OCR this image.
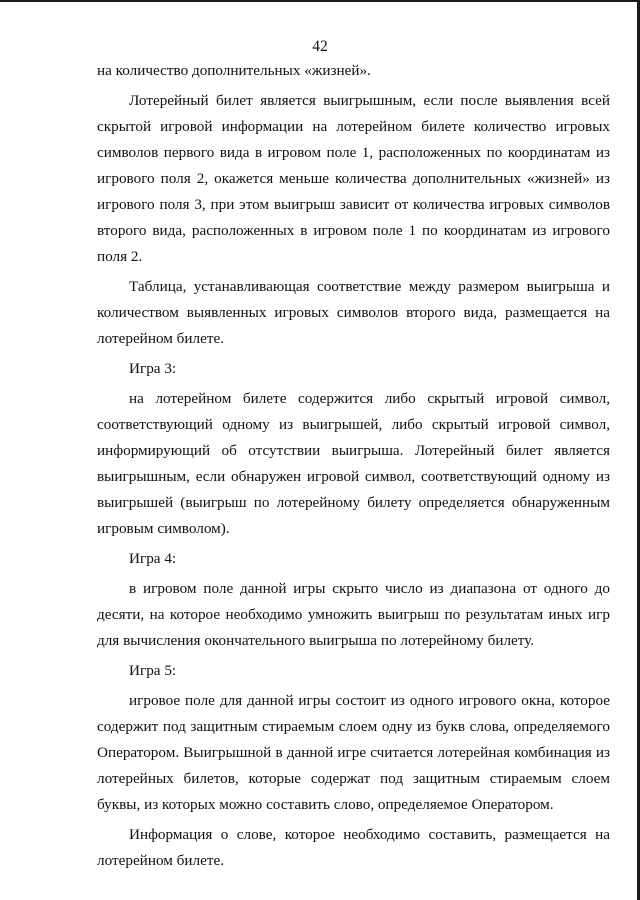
42

на количество дополнительных «жизней».

Лотерейный билет является выигрышным, если после выявления всей скрытой игровой информации на лотерейном билете количество игровых символов первого вида в игровом поле 1, расположенных по координатам из игрового поля 2, окажется меньше количества дополнительных «жизней» из игрового поля 3, при этом выигрыш зависит от количества игровых символов второго вида, расположенных в игровом поле 1 по координатам из игрового поля 2.

Таблица, устанавливающая соответствие между размером выигрыша и количеством выявленных игровых символов второго вида, размещается на лотерейном билете.

Игра 3:

на лотерейном билете содержится либо скрытый игровой символ, соответствующий одному из выигрышей, либо скрытый игровой символ, информирующий об отсутствии выигрыша. Лотерейный билет является выигрышным, если обнаружен игровой символ, соответствующий одному из выигрышей (выигрыш по лотерейному билету определяется обнаруженным игровым символом).

Игра 4:

в игровом поле данной игры скрыто число из диапазона от одного до десяти, на которое необходимо умножить выигрыш по результатам иных игр для вычисления окончательного выигрыша по лотерейному билету.

Игра 5:

игровое поле для данной игры состоит из одного игрового окна, которое содержит под защитным стираемым слоем одну из букв слова, определяемого Оператором. Выигрышной в данной игре считается лотерейная комбинация из лотерейных билетов, которые содержат под защитным стираемым слоем буквы, из которых можно составить слово, определяемое Оператором.

Информация о слове, которое необходимо составить, размещается на лотерейном билете.
